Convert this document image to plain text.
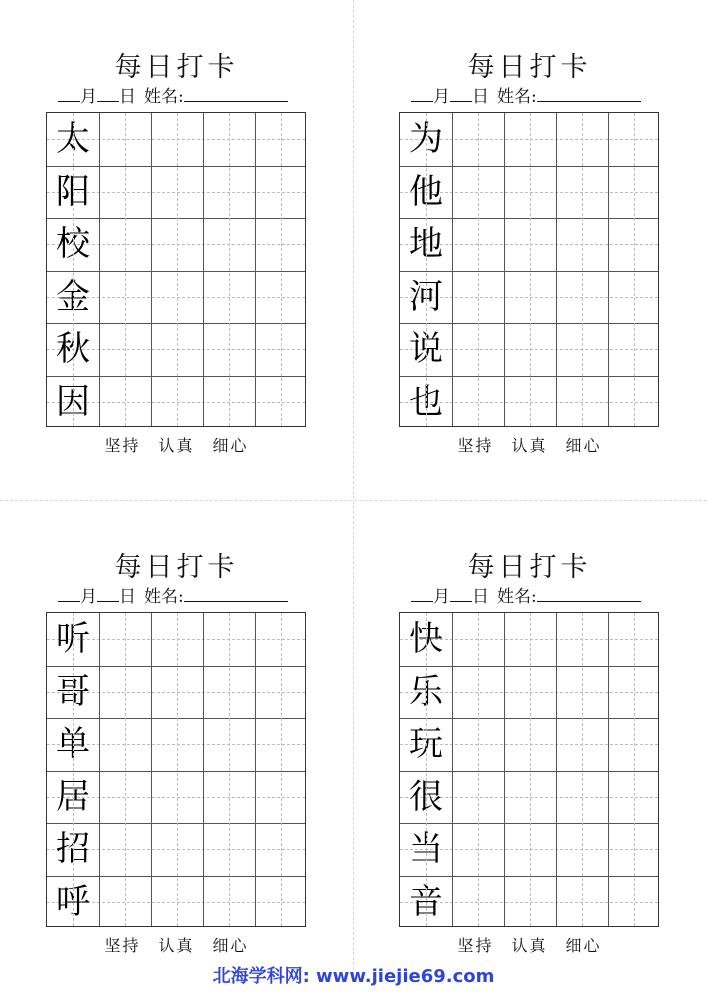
每日打卡
月 日 姓名:
太
阳
校
金
秋
因
坚持 认真 细心
每日打卡
月 日 姓名:
为
他
地
河
说
也
坚持 认真 细心
每日打卡
月 日 姓名:
听
哥
单
居
招
呼
坚持 认真 细心
每日打卡
月 日 姓名:
快
乐
玩
很
当
音
坚持 认真 细心
北海学科网: www.jiejie69.com
